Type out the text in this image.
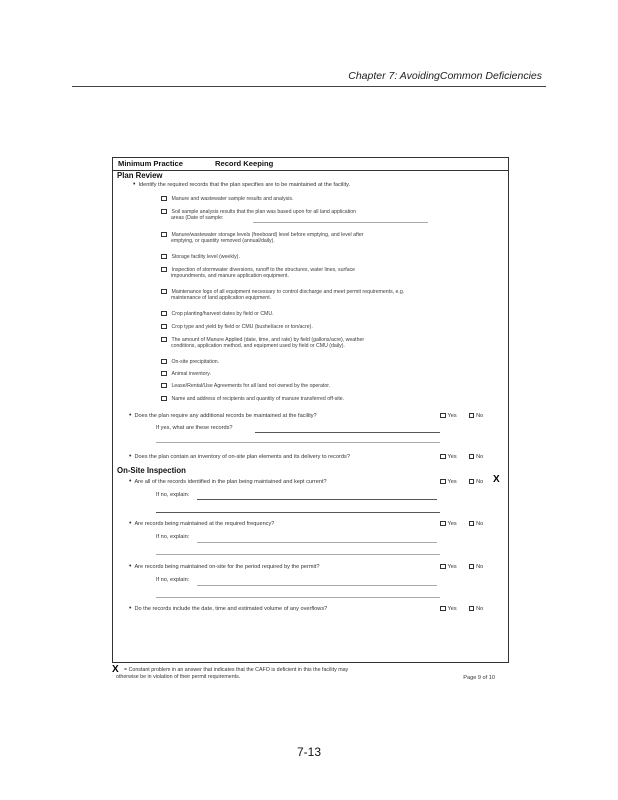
Chapter 7: AvoidingCommon Deficiencies
Minimum Practice	Record Keeping
Plan Review
• Identify the required records that the plan specifies are to be maintained at the facility.
Manure and wastewater sample results and analysis.
Soil sample analysis results that the plan was based upon for all land application
areas (Date of sample:
Manure/wastewater storage levels (freeboard) level before emptying, and level after
emptying, or quantity removed (annual/daily).
Storage facility level (weekly).
Inspection of stormwater diversions, runoff to the structures, water lines, surface
impoundments, and manure application equipment.
Maintenance logs of all equipment necessary to control discharge and meet permit requirements, e.g.
maintenance of land application equipment.
Crop planting/harvest dates by field or CMU.
Crop type and yield by field or CMU (bushel/acre or ton/acre).
The amount of Manure Applied (date, time, and rate) by field (gallons/acre), weather
conditions, application method, and equipment used by field or CMU (daily).
On-site precipitation.
Animal inventory.
Lease/Rental/Use Agreements for all land not owned by the operator.
Name and address of recipients and quantity of manure transferred off-site.
• Does the plan require any additional records be maintained at the facility?	Yes	No
If yes, what are these records?
• Does the plan contain an inventory of on-site plan elements and its delivery to records?	Yes	No
On-Site Inspection
• Are all of the records identified in the plan being maintained and kept current?	Yes	No X
If no, explain:
• Are records being maintained at the required frequency?	Yes	No
If no, explain:
• Are records being maintained on-site for the period required by the permit?	Yes	No
If no, explain:
• Do the records include the date, time and estimated volume of any overflows?	Yes	No
X	= Constant problem in an answer that indicates that the CAFO is deficient in this the facility may
otherwise be in violation of their permit requirements.	Page 9 of 10
7-13
